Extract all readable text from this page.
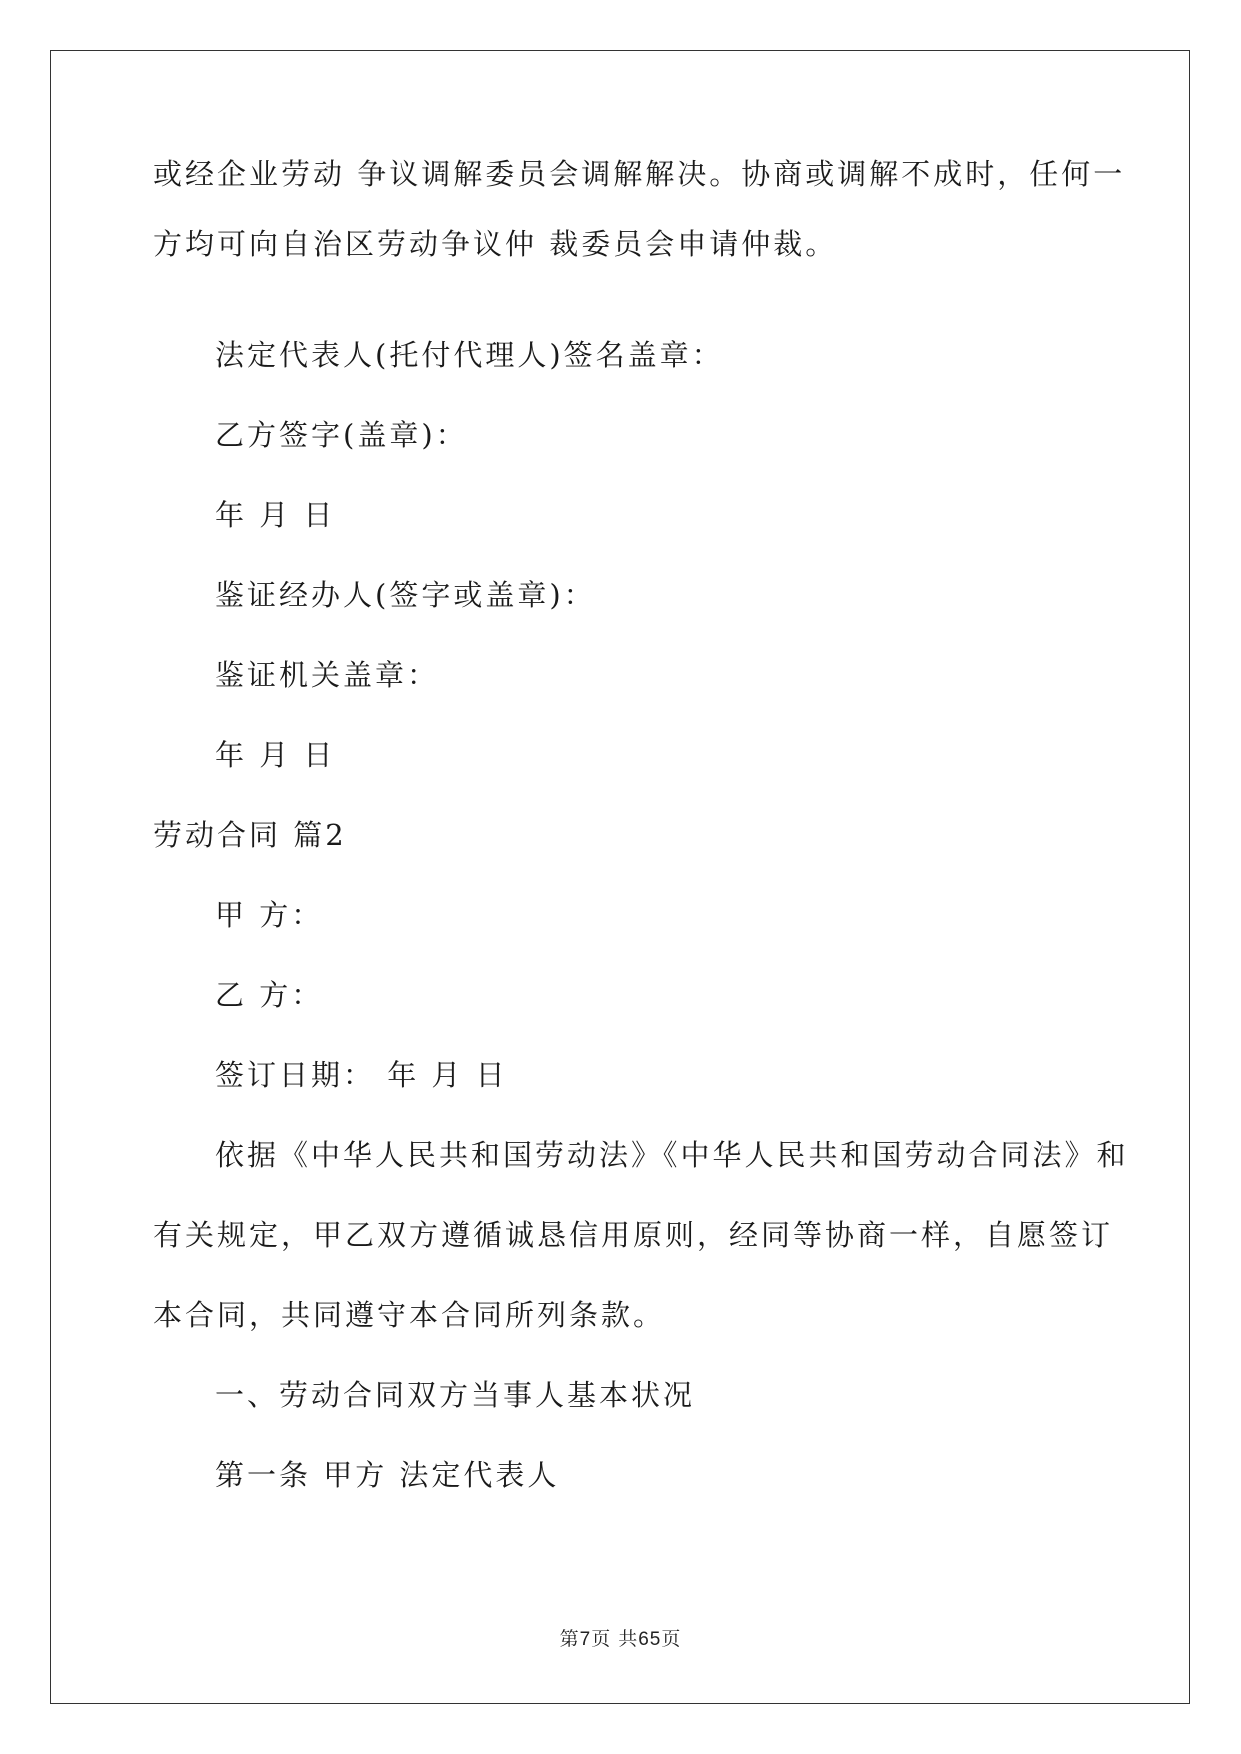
或经企业劳动 争议调解委员会调解解决。协商或调解不成时，任何一
方均可向自治区劳动争议仲 裁委员会申请仲裁。
法定代表人(托付代理人)签名盖章：
乙方签字(盖章)：
年 月 日
鉴证经办人(签字或盖章)：
鉴证机关盖章：
年 月 日
劳动合同 篇2
甲 方：
乙 方：
签订日期： 年 月 日
依据《中华人民共和国劳动法》《中华人民共和国劳动合同法》和
有关规定，甲乙双方遵循诚恳信用原则，经同等协商一样，自愿签订
本合同，共同遵守本合同所列条款。
一、劳动合同双方当事人基本状况
第一条 甲方 法定代表人
第7页 共65页
